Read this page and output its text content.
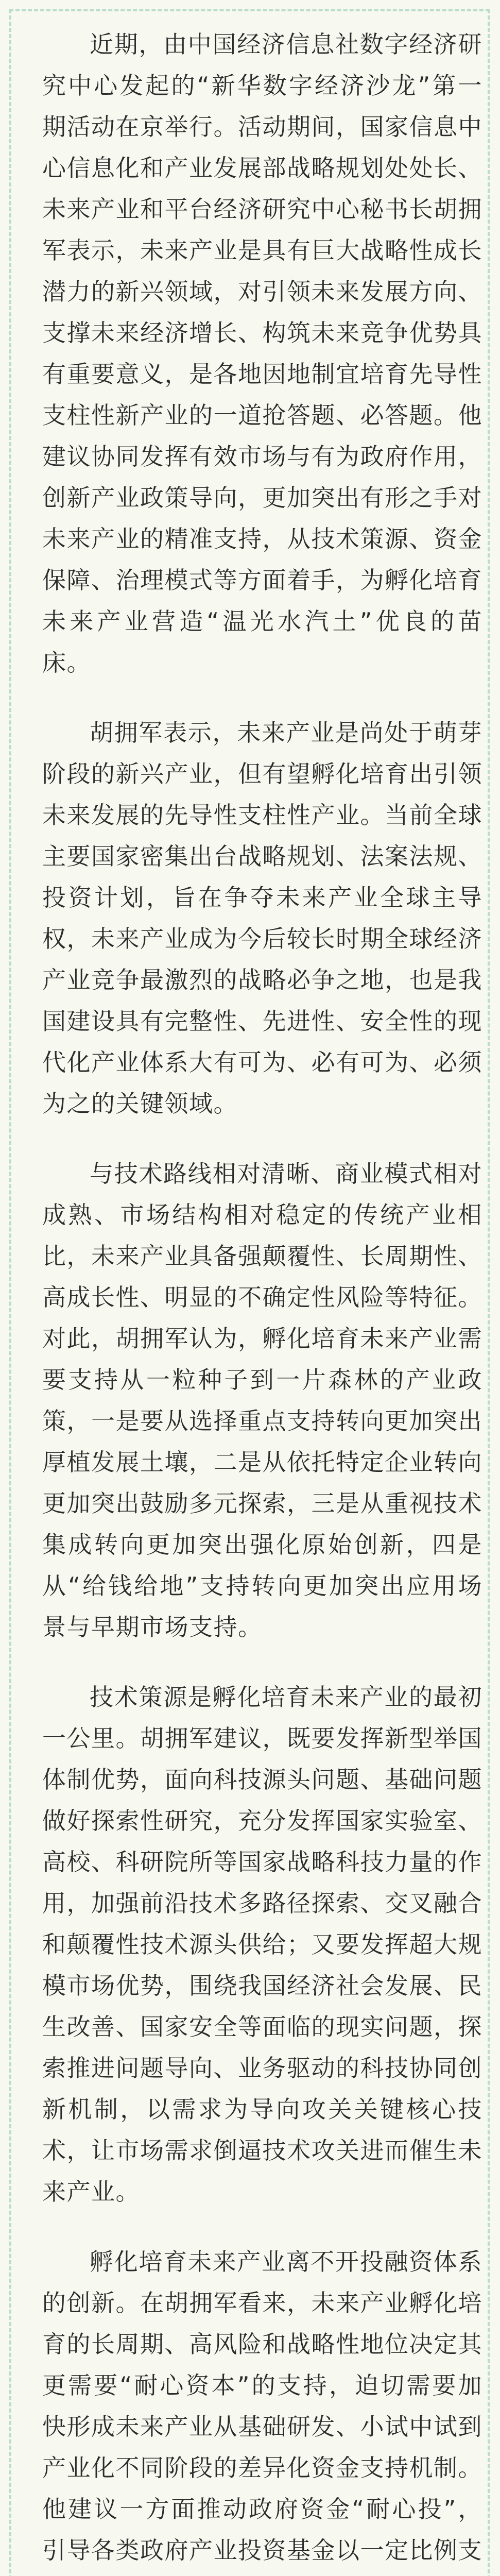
近期，由中国经济信息社数字经济研究中心发起的“新华数字经济沙龙”第一期活动在京举行。活动期间，国家信息中心信息化和产业发展部战略规划处处长、未来产业和平台经济研究中心秘书长胡拥军表示，未来产业是具有巨大战略性成长潜力的新兴领域，对引领未来发展方向、支撑未来经济增长、构筑未来竞争优势具有重要意义，是各地因地制宜培育先导性支柱性新产业的一道抢答题、必答题。他建议协同发挥有效市场与有为政府作用，创新产业政策导向，更加突出有形之手对未来产业的精准支持，从技术策源、资金保障、治理模式等方面着手，为孵化培育未来产业营造“温光水汽土”优良的苗床。

胡拥军表示，未来产业是尚处于萌芽阶段的新兴产业，但有望孵化培育出引领未来发展的先导性支柱性产业。当前全球主要国家密集出台战略规划、法案法规、投资计划，旨在争夺未来产业全球主导权，未来产业成为今后较长时期全球经济产业竞争最激烈的战略必争之地，也是我国建设具有完整性、先进性、安全性的现代化产业体系大有可为、必有可为、必须为之的关键领域。

与技术路线相对清晰、商业模式相对成熟、市场结构相对稳定的传统产业相比，未来产业具备强颠覆性、长周期性、高成长性、明显的不确定性风险等特征。对此，胡拥军认为，孵化培育未来产业需要支持从一粒种子到一片森林的产业政策，一是要从选择重点支持转向更加突出厚植发展土壤，二是从依托特定企业转向更加突出鼓励多元探索，三是从重视技术集成转向更加突出强化原始创新，四是从“给钱给地”支持转向更加突出应用场景与早期市场支持。

技术策源是孵化培育未来产业的最初一公里。胡拥军建议，既要发挥新型举国体制优势，面向科技源头问题、基础问题做好探索性研究，充分发挥国家实验室、高校、科研院所等国家战略科技力量的作用，加强前沿技术多路径探索、交叉融合和颠覆性技术源头供给；又要发挥超大规模市场优势，围绕我国经济社会发展、民生改善、国家安全等面临的现实问题，探索推进问题导向、业务驱动的科技协同创新机制，以需求为导向攻关关键核心技术，让市场需求倒逼技术攻关进而催生未来产业。

孵化培育未来产业离不开投融资体系的创新。在胡拥军看来，未来产业孵化培育的长周期、高风险和战略性地位决定其更需要“耐心资本”的支持，迫切需要加快形成未来产业从基础研发、小试中试到产业化不同阶段的差异化资金支持机制。他建议一方面推动政府资金“耐心投”，引导各类政府产业投资基金以一定比例支
